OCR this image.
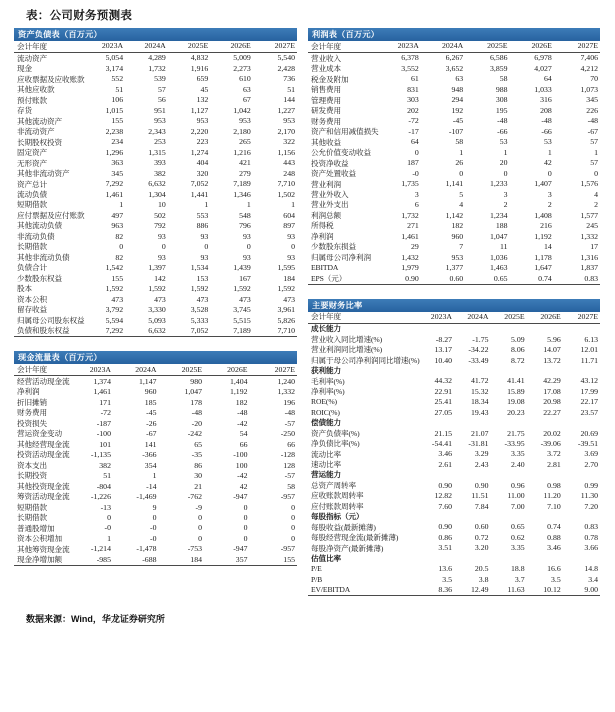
表：公司财务预测表
资产负债表（百万元）
会计年度	2023A	2024A	2025E	2026E	2027E
流动资产	5,054	4,289	4,832	5,009	5,540
现金	3,174	1,732	1,916	2,273	2,428
应收票据及应收账款	552	539	659	610	736
其他应收款	51	57	45	63	51
预付账款	106	56	132	67	144
存货	1,015	951	1,127	1,042	1,227
其他流动资产	155	953	953	953	953
非流动资产	2,238	2,343	2,220	2,180	2,170
长期股权投资	234	253	223	265	322
固定资产	1,296	1,315	1,274	1,216	1,156
无形资产	363	393	404	421	443
其他非流动资产	345	382	320	279	248
资产总计	7,292	6,632	7,052	7,189	7,710
流动负债	1,461	1,304	1,441	1,346	1,502
短期借款	1	10	1	1	1
应付票据及应付账款	497	502	553	548	604
其他流动负债	963	792	886	796	897
非流动负债	82	93	93	93	93
长期借款	0	0	0	0	0
其他非流动负债	82	93	93	93	93
负债合计	1,542	1,397	1,534	1,439	1,595
少数股东权益	155	142	153	167	184
股本	1,592	1,592	1,592	1,592	1,592
资本公积	473	473	473	473	473
留存收益	3,792	3,330	3,528	3,745	3,961
归属母公司股东权益	5,594	5,093	5,333	5,515	5,826
负债和股东权益	7,292	6,632	7,052	7,189	7,710
现金流量表（百万元）
会计年度	2023A	2024A	2025E	2026E	2027E
经营活动现金流	1,374	1,147	980	1,404	1,240
净利润	1,461	960	1,047	1,192	1,332
折旧摊销	171	185	178	182	196
财务费用	-72	-45	-48	-48	-48
投资损失	-187	-26	-20	-42	-57
营运资金变动	-100	-67	-242	54	-250
其他经营现金流	101	141	65	66	66
投资活动现金流	-1,135	-366	-35	-100	-128
资本支出	382	354	86	100	128
长期投资	51	1	30	-42	-57
其他投资现金流	-804	-14	21	42	58
筹资活动现金流	-1,226	-1,469	-762	-947	-957
短期借款	-13	9	-9	0	0
长期借款	0	0	0	0	0
普通股增加	-0	-0	0	0	0
资本公积增加	1	-0	0	0	0
其他筹资现金流	-1,214	-1,478	-753	-947	-957
现金净增加额	-985	-688	184	357	155
利润表（百万元）
会计年度	2023A	2024A	2025E	2026E	2027E
营业收入	6,378	6,267	6,586	6,978	7,406
营业成本	3,552	3,652	3,859	4,027	4,212
税金及附加	61	63	58	64	70
销售费用	831	948	988	1,033	1,073
管理费用	303	294	308	316	345
研发费用	202	192	195	208	226
财务费用	-72	-45	-48	-48	-48
资产和信用减值损失	-17	-107	-66	-66	-67
其他收益	64	58	53	53	57
公允价值变动收益	0	1	1	1	1
投资净收益	187	26	20	42	57
资产处置收益	-0	0	0	0	0
营业利润	1,735	1,141	1,233	1,407	1,576
营业外收入	3	5	3	3	4
营业外支出	6	4	2	2	2
利润总额	1,732	1,142	1,234	1,408	1,577
所得税	271	182	188	216	245
净利润	1,461	960	1,047	1,192	1,332
少数股东损益	29	7	11	14	17
归属母公司净利润	1,432	953	1,036	1,178	1,316
EBITDA	1,979	1,377	1,463	1,647	1,837
EPS（元）	0.90	0.60	0.65	0.74	0.83
主要财务比率
会计年度	2023A	2024A	2025E	2026E	2027E
成长能力					
营业收入同比增速(%)	-8.27	-1.75	5.09	5.96	6.13
营业利润同比增速(%)	13.17	-34.22	8.06	14.07	12.01
归属于母公司净利润同比增速(%)	10.40	-33.49	8.72	13.72	11.71
获利能力					
毛利率(%)	44.32	41.72	41.41	42.29	43.12
净利率(%)	22.91	15.32	15.89	17.08	17.99
ROE(%)	25.41	18.34	19.08	20.98	22.17
ROIC(%)	27.05	19.43	20.23	22.27	23.57
偿债能力					
资产负债率(%)	21.15	21.07	21.75	20.02	20.69
净负债比率(%)	-54.41	-31.81	-33.95	-39.06	-39.51
流动比率	3.46	3.29	3.35	3.72	3.69
速动比率	2.61	2.43	2.40	2.81	2.70
营运能力					
总资产周转率	0.90	0.90	0.96	0.98	0.99
应收账款周转率	12.82	11.51	11.00	11.20	11.30
应付账款周转率	7.60	7.84	7.00	7.10	7.20
每股指标（元）					
每股收益(最新摊薄)	0.90	0.60	0.65	0.74	0.83
每股经营现金流(最新摊薄)	0.86	0.72	0.62	0.88	0.78
每股净资产(最新摊薄)	3.51	3.20	3.35	3.46	3.66
估值比率					
P/E	13.6	20.5	18.8	16.6	14.8
P/B	3.5	3.8	3.7	3.5	3.4
EV/EBITDA	8.36	12.49	11.63	10.12	9.00
数据来源：Wind，华龙证券研究所
